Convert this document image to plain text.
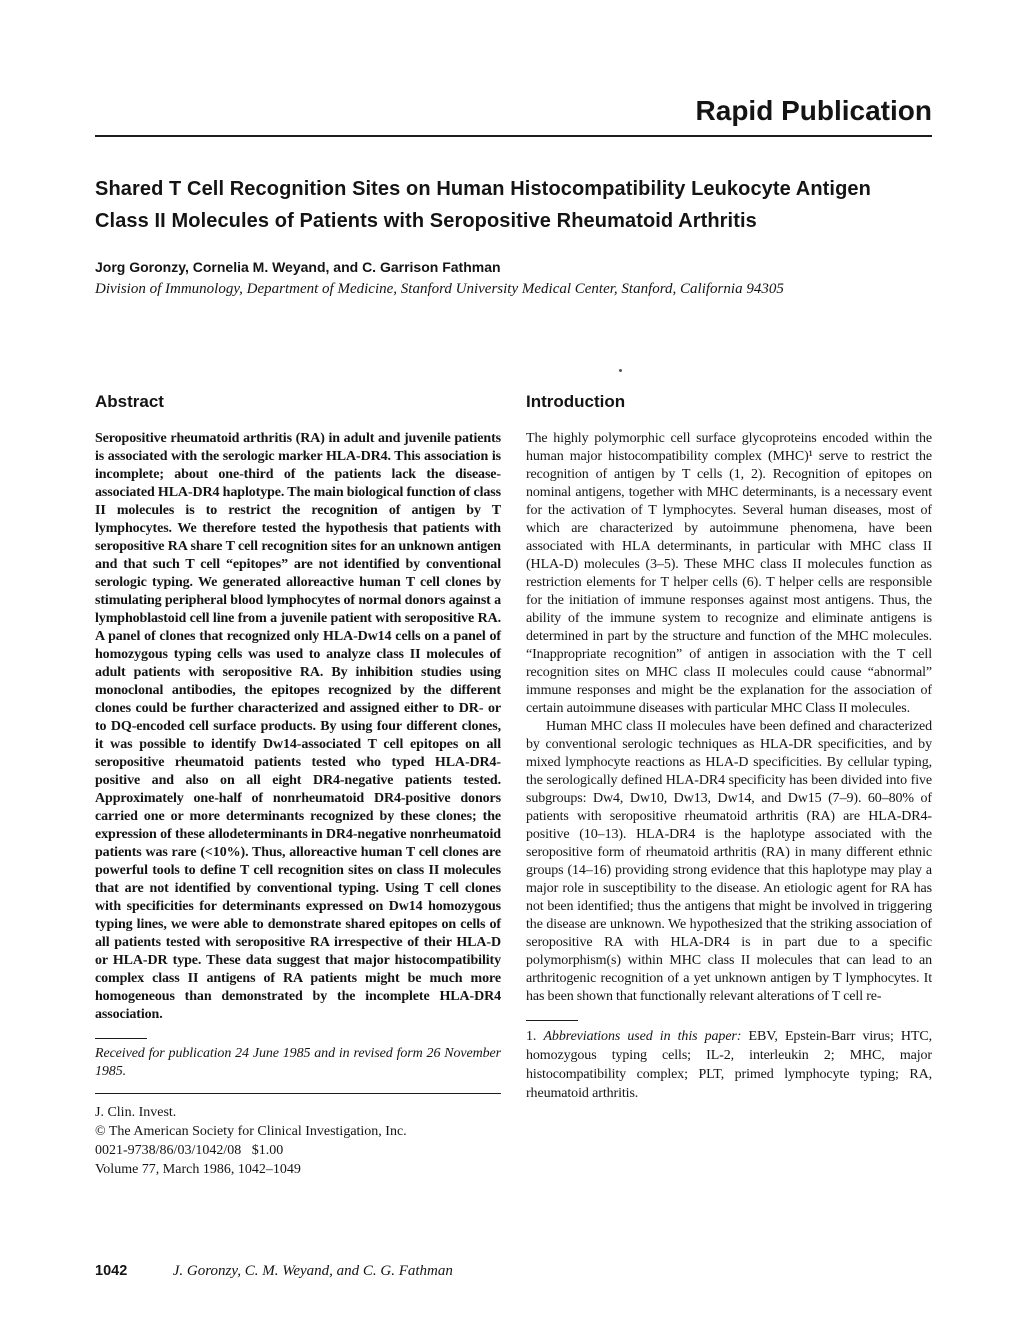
Rapid Publication
Shared T Cell Recognition Sites on Human Histocompatibility Leukocyte Antigen
Class II Molecules of Patients with Seropositive Rheumatoid Arthritis
Jorg Goronzy, Cornelia M. Weyand, and C. Garrison Fathman
Division of Immunology, Department of Medicine, Stanford University Medical Center, Stanford, California 94305
Abstract

Seropositive rheumatoid arthritis (RA) in adult and juvenile patients is associated with the serologic marker HLA-DR4. This association is incomplete; about one-third of the patients lack the disease-associated HLA-DR4 haplotype. The main biological function of class II molecules is to restrict the recognition of antigen by T lymphocytes. We therefore tested the hypothesis that patients with seropositive RA share T cell recognition sites for an unknown antigen and that such T cell “epitopes” are not identified by conventional serologic typing. We generated alloreactive human T cell clones by stimulating peripheral blood lymphocytes of normal donors against a lymphoblastoid cell line from a juvenile patient with seropositive RA. A panel of clones that recognized only HLA-Dw14 cells on a panel of homozygous typing cells was used to analyze class II molecules of adult patients with seropositive RA. By inhibition studies using monoclonal antibodies, the epitopes recognized by the different clones could be further characterized and assigned either to DR- or to DQ-encoded cell surface products. By using four different clones, it was possible to identify Dw14-associated T cell epitopes on all seropositive rheumatoid patients tested who typed HLA-DR4-positive and also on all eight DR4-negative patients tested. Approximately one-half of nonrheumatoid DR4-positive donors carried one or more determinants recognized by these clones; the expression of these allodeterminants in DR4-negative nonrheumatoid patients was rare (<10%). Thus, alloreactive human T cell clones are powerful tools to define T cell recognition sites on class II molecules that are not identified by conventional typing. Using T cell clones with specificities for determinants expressed on Dw14 homozygous typing lines, we were able to demonstrate shared epitopes on cells of all patients tested with seropositive RA irrespective of their HLA-D or HLA-DR type. These data suggest that major histocompatibility complex class II antigens of RA patients might be much more homogeneous than demonstrated by the incomplete HLA-DR4 association.

Received for publication 24 June 1985 and in revised form 26 November 1985.

J. Clin. Invest.
© The American Society for Clinical Investigation, Inc.
0021-9738/86/03/1042/08   $1.00
Volume 77, March 1986, 1042–1049
Introduction

The highly polymorphic cell surface glycoproteins encoded within the human major histocompatibility complex (MHC)¹ serve to restrict the recognition of antigen by T cells (1, 2). Recognition of epitopes on nominal antigens, together with MHC determinants, is a necessary event for the activation of T lymphocytes. Several human diseases, most of which are characterized by autoimmune phenomena, have been associated with HLA determinants, in particular with MHC class II (HLA-D) molecules (3–5). These MHC class II molecules function as restriction elements for T helper cells (6). T helper cells are responsible for the initiation of immune responses against most antigens. Thus, the ability of the immune system to recognize and eliminate antigens is determined in part by the structure and function of the MHC molecules. “Inappropriate recognition” of antigen in association with the T cell recognition sites on MHC class II molecules could cause “abnormal” immune responses and might be the explanation for the association of certain autoimmune diseases with particular MHC Class II molecules.

Human MHC class II molecules have been defined and characterized by conventional serologic techniques as HLA-DR specificities, and by mixed lymphocyte reactions as HLA-D specificities. By cellular typing, the serologically defined HLA-DR4 specificity has been divided into five subgroups: Dw4, Dw10, Dw13, Dw14, and Dw15 (7–9). 60–80% of patients with seropositive rheumatoid arthritis (RA) are HLA-DR4-positive (10–13). HLA-DR4 is the haplotype associated with the seropositive form of rheumatoid arthritis (RA) in many different ethnic groups (14–16) providing strong evidence that this haplotype may play a major role in susceptibility to the disease. An etiologic agent for RA has not been identified; thus the antigens that might be involved in triggering the disease are unknown. We hypothesized that the striking association of seropositive RA with HLA-DR4 is in part due to a specific polymorphism(s) within MHC class II molecules that can lead to an arthritogenic recognition of a yet unknown antigen by T lymphocytes. It has been shown that functionally relevant alterations of T cell re-

1. Abbreviations used in this paper: EBV, Epstein-Barr virus; HTC, homozygous typing cells; IL-2, interleukin 2; MHC, major histocompatibility complex; PLT, primed lymphocyte typing; RA, rheumatoid arthritis.

1042	J. Goronzy, C. M. Weyand, and C. G. Fathman
